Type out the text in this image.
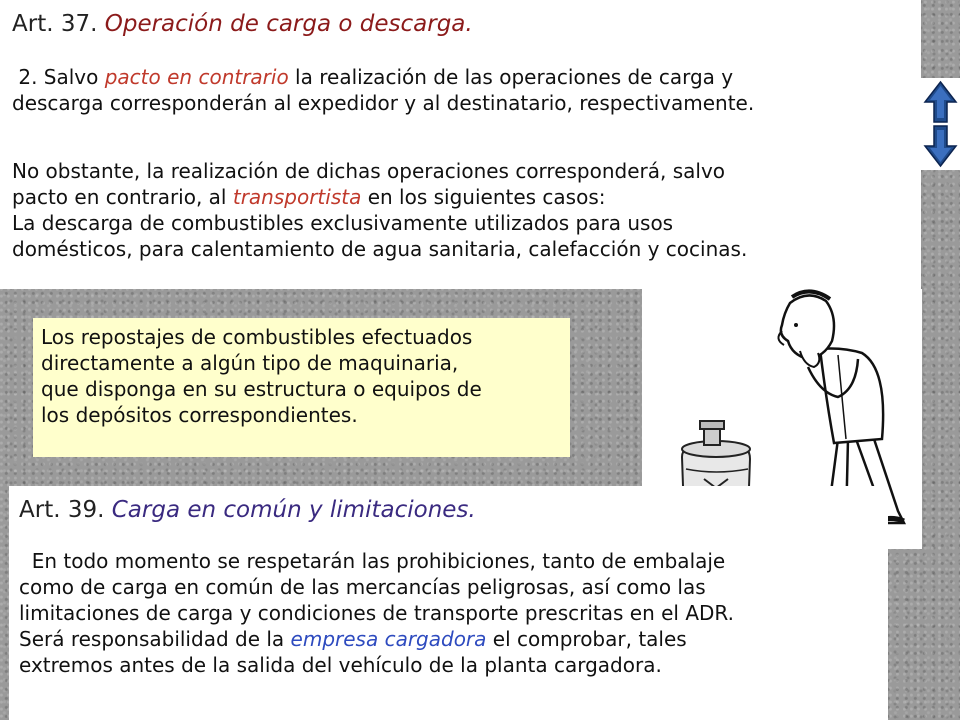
Art. 37. Operación de carga o descarga.
2. Salvo pacto en contrario la realización de las operaciones de carga y
descarga corresponderán al expedidor y al destinatario, respectivamente.
No obstante, la realización de dichas operaciones corresponderá, salvo
pacto en contrario, al transportista en los siguientes casos:
La descarga de combustibles exclusivamente utilizados para usos
domésticos, para calentamiento de agua sanitaria, calefacción y cocinas.
Los repostajes de combustibles efectuados
directamente a algún tipo de maquinaria,
que disponga en su estructura o equipos de
los depósitos correspondientes.
Art. 39. Carga en común y limitaciones.
En todo momento se respetarán las prohibiciones, tanto de embalaje
como de carga en común de las mercancías peligrosas, así como las
limitaciones de carga y condiciones de transporte prescritas en el ADR.
Será responsabilidad de la empresa cargadora el comprobar, tales
extremos antes de la salida del vehículo de la planta cargadora.
